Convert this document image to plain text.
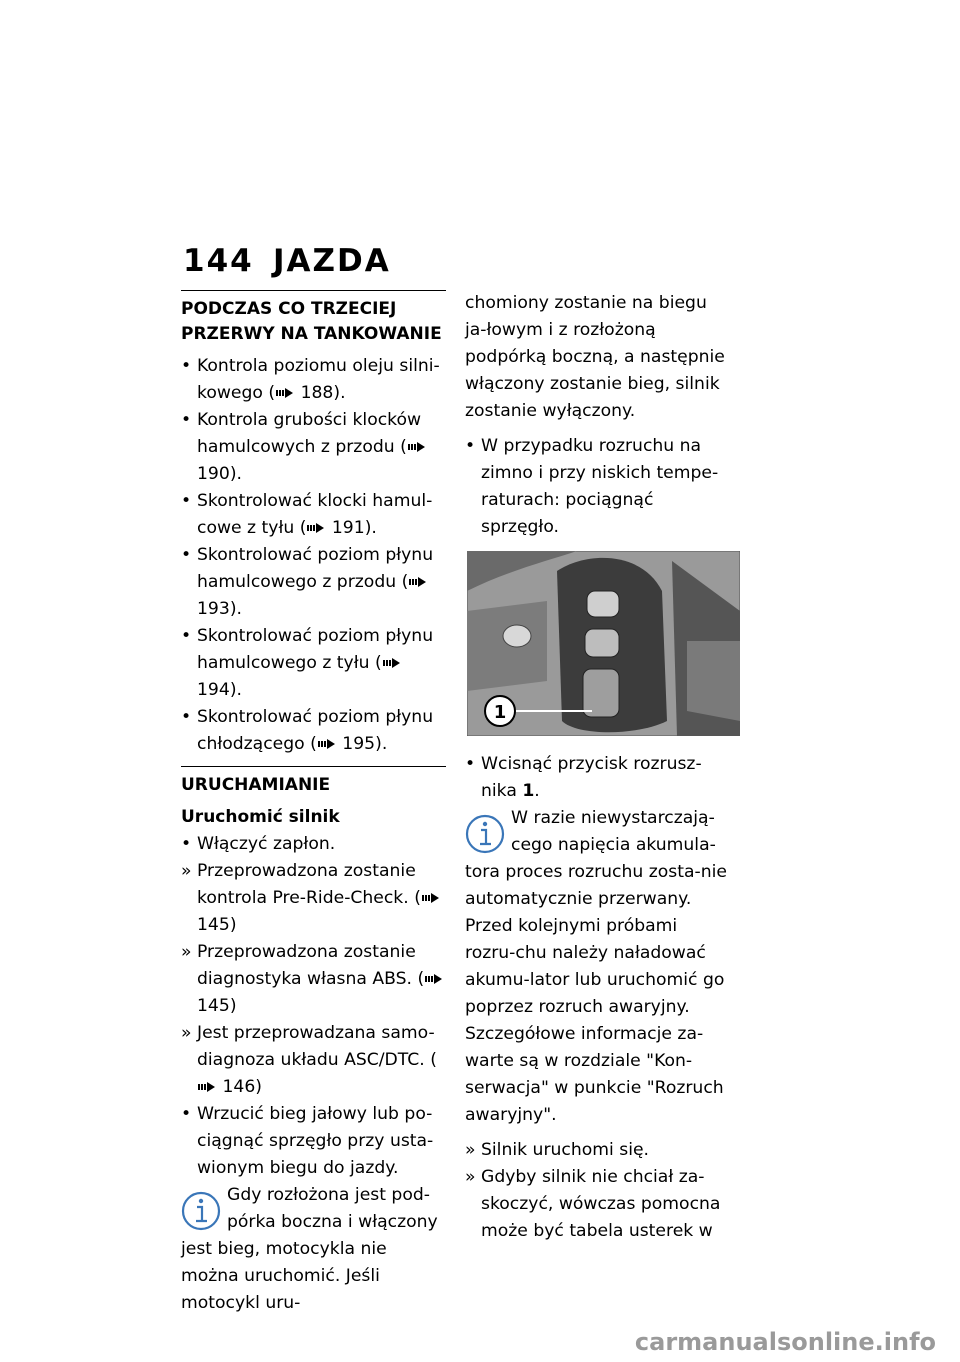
144 JAZDA
PODCZAS CO TRZECIEJ PRZERWY NA TANKOWANIE
• Kontrola poziomu oleju silni-kowego ( 188).
• Kontrola grubości klocków hamulcowych z przodu ( 190).
• Skontrolować klocki hamul-cowe z tyłu ( 191).
• Skontrolować poziom płynu hamulcowego z przodu ( 193).
• Skontrolować poziom płynu hamulcowego z tyłu ( 194).
• Skontrolować poziom płynu chłodzącego ( 195).
URUCHAMIANIE
Uruchomić silnik
• Włączyć zapłon.
» Przeprowadzona zostanie kontrola Pre-Ride-Check. ( 145)
» Przeprowadzona zostanie diagnostyka własna ABS. ( 145)
» Jest przeprowadzana samo-diagnoza układu ASC/DTC. ( 146)
• Wrzucić bieg jałowy lub po-ciągnąć sprzęgło przy usta-wionym biegu do jazdy.
Gdy rozłożona jest pod-pórka boczna i włączony jest bieg, motocykla nie można uruchomić. Jeśli motocykl uru-
chomiony zostanie na biegu ja-łowym i z rozłożoną podpórką boczną, a następnie włączony zostanie bieg, silnik zostanie wyłączony.
• W przypadku rozruchu na zimno i przy niskich tempe-raturach: pociągnąć sprzęgło.
1
• Wcisnąć przycisk rozrusz-nika 1.
W razie niewystarczają-cego napięcia akumula-tora proces rozruchu zosta-nie automatycznie przerwany. Przed kolejnymi próbami rozru-chu należy naładować akumu-lator lub uruchomić go poprzez rozruch awaryjny. Szczegółowe informacje za-warte są w rozdziale "Kon-serwacja" w punkcie "Rozruch awaryjny".
» Silnik uruchomi się.
» Gdyby silnik nie chciał za-skoczyć, wówczas pomocna może być tabela usterek w
carmanualsonline.info
